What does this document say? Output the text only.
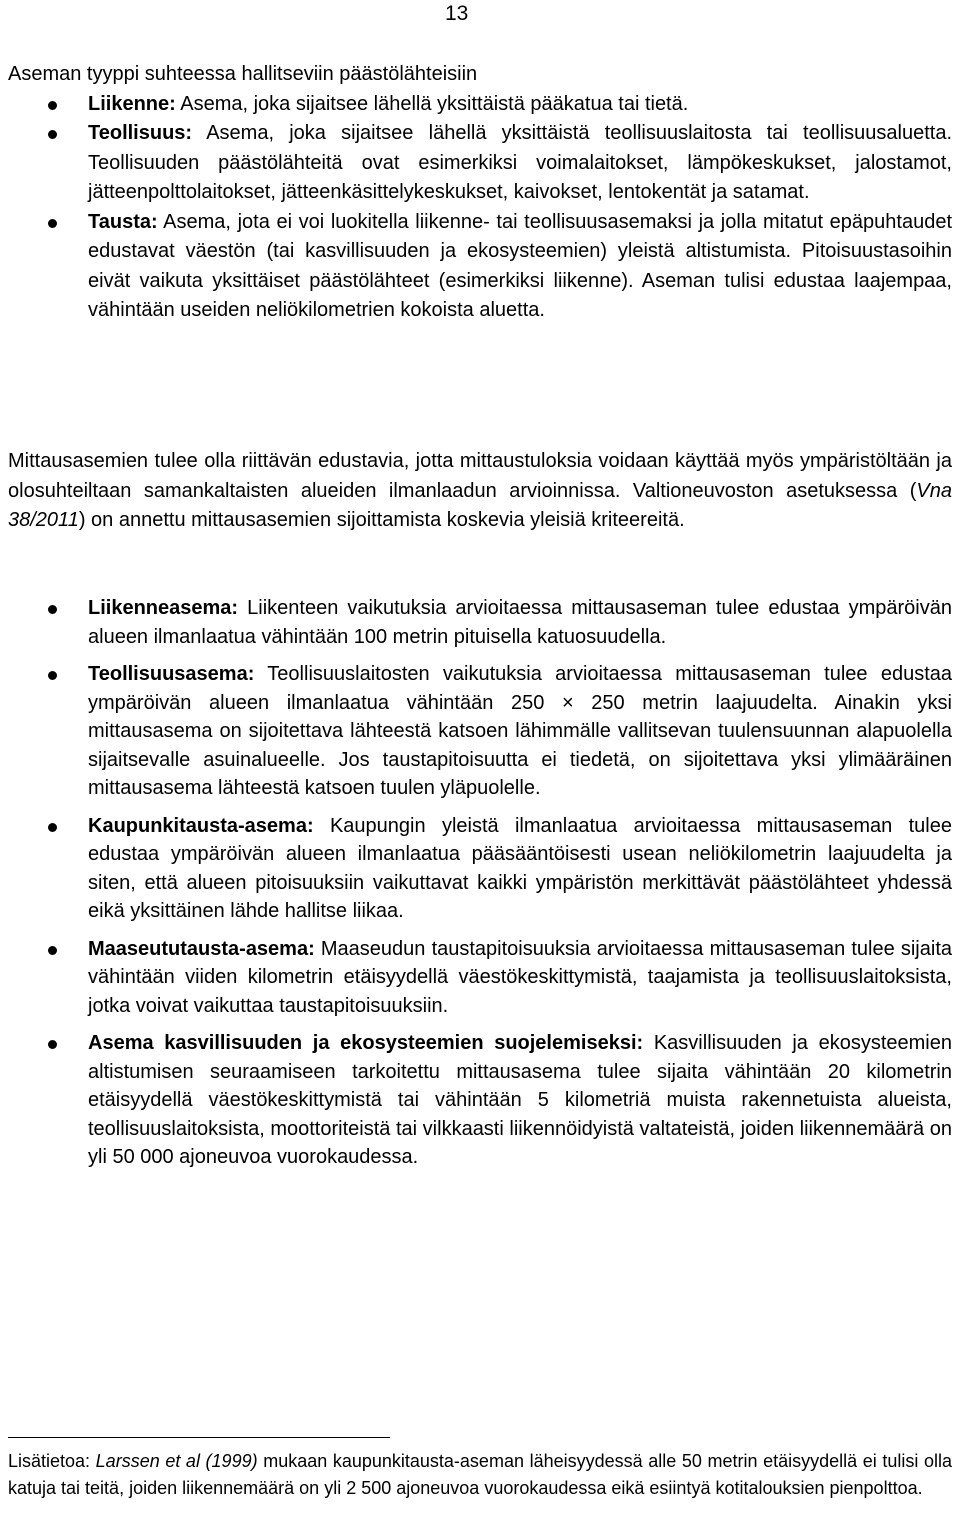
13
Aseman tyyppi suhteessa hallitseviin päästölähteisiin
Liikenne: Asema, joka sijaitsee lähellä yksittäistä pääkatua tai tietä.
Teollisuus: Asema, joka sijaitsee lähellä yksittäistä teollisuuslaitosta tai teollisuusaluetta. Teollisuuden päästölähteitä ovat esimerkiksi voimalaitokset, lämpökeskukset, jalostamot, jätteenpolttolaitokset, jätteenkäsittelykeskukset, kaivokset, lentokentät ja satamat.
Tausta: Asema, jota ei voi luokitella liikenne- tai teollisuusasemaksi ja jolla mitatut epäpuhtaudet edustavat väestön (tai kasvillisuuden ja ekosysteemien) yleistä altistumista. Pitoisuustasoihin eivät vaikuta yksittäiset päästölähteet (esimerkiksi liikenne). Aseman tulisi edustaa laajempaa, vähintään useiden neliökilometrien kokoista aluetta.
Mittausasemien tulee olla riittävän edustavia, jotta mittaustuloksia voidaan käyttää myös ympäristöltään ja olosuhteiltaan samankaltaisten alueiden ilmanlaadun arvioinnissa. Valtioneuvoston asetuksessa (Vna 38/2011) on annettu mittausasemien sijoittamista koskevia yleisiä kriteereitä.
Liikenneasema: Liikenteen vaikutuksia arvioitaessa mittausaseman tulee edustaa ympäröivän alueen ilmanlaatua vähintään 100 metrin pituisella katuosuudella.
Teollisuusasema: Teollisuuslaitosten vaikutuksia arvioitaessa mittausaseman tulee edustaa ympäröivän alueen ilmanlaatua vähintään 250 × 250 metrin laajuudelta. Ainakin yksi mittausasema on sijoitettava lähteestä katsoen lähimmälle vallitsevan tuulensuunnan alapuolella sijaitsevalle asuinalueelle. Jos taustapitoisuutta ei tiedetä, on sijoitettava yksi ylimääräinen mittausasema lähteestä katsoen tuulen yläpuolelle.
Kaupunkitausta-asema: Kaupungin yleistä ilmanlaatua arvioitaessa mittausaseman tulee edustaa ympäröivän alueen ilmanlaatua pääsääntöisesti usean neliökilometrin laajuudelta ja siten, että alueen pitoisuuksiin vaikuttavat kaikki ympäristön merkittävät päästölähteet yhdessä eikä yksittäinen lähde hallitse liikaa.
Maaseututausta-asema: Maaseudun taustapitoisuuksia arvioitaessa mittausaseman tulee sijaita vähintään viiden kilometrin etäisyydellä väestökeskittymistä, taajamista ja teollisuuslaitoksista, jotka voivat vaikuttaa taustapitoisuuksiin.
Asema kasvillisuuden ja ekosysteemien suojelemiseksi: Kasvillisuuden ja ekosysteemien altistumisen seuraamiseen tarkoitettu mittausasema tulee sijaita vähintään 20 kilometrin etäisyydellä väestökeskittymistä tai vähintään 5 kilometriä muista rakennetuista alueista, teollisuuslaitoksista, moottoriteistä tai vilkkaasti liikennöidyistä valtateistä, joiden liikennemäärä on yli 50 000 ajoneuvoa vuorokaudessa.
Lisätietoa: Larssen et al (1999) mukaan kaupunkitausta-aseman läheisyydessä alle 50 metrin etäisyydellä ei tulisi olla katuja tai teitä, joiden liikennemäärä on yli 2 500 ajoneuvoa vuorokaudessa eikä esiintyä kotitalouksien pienpolttoa.
